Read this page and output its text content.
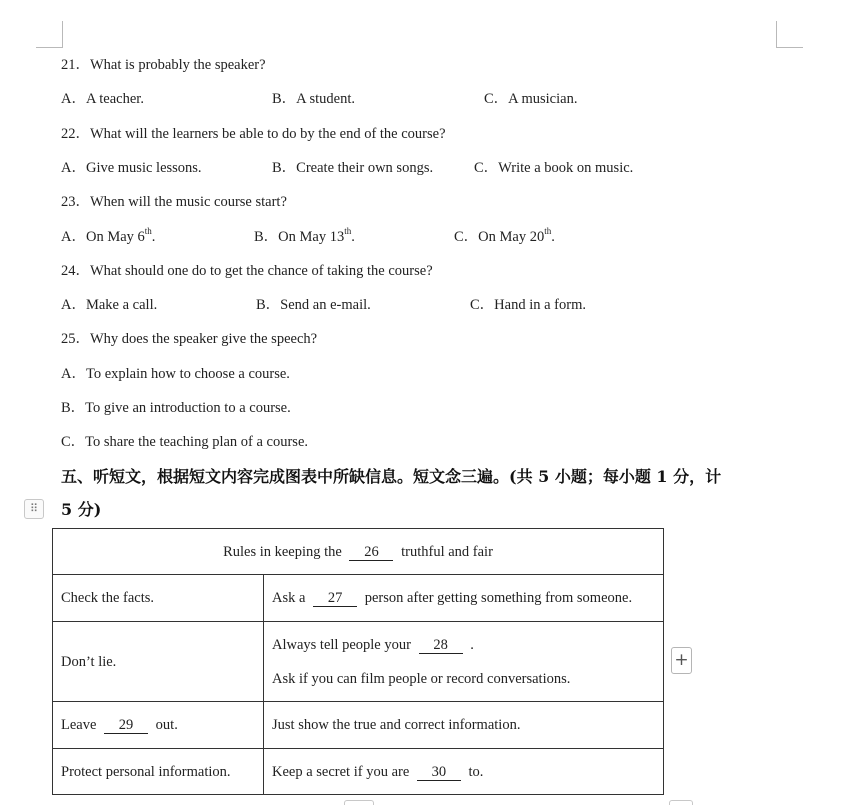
21．What is probably the speaker?
A．A teacher.	B．A student.	C．A musician.
22．What will the learners be able to do by the end of the course?
A．Give music lessons.	B．Create their own songs.	C．Write a book on music.
23．When will the music course start?
A．On May 6th.	B．On May 13th.	C．On May 20th.
24．What should one do to get the chance of taking the course?
A．Make a call.	B．Send an e-mail.	C．Hand in a form.
25．Why does the speaker give the speech?
A．To explain how to choose a course.
B．To give an introduction to a course.
C．To share the teaching plan of a course.
五、听短文，根据短文内容完成图表中所缺信息。短文念三遍。(共 5 小题；每小题 1 分，计
5 分)
⠿
Rules in keeping the 26 truthful and fair	
Check the facts.	Ask a 27 person after getting something from someone.
Don’t lie.	Always tell people your 28 .
Ask if you can film people or record conversations.

Leave 29 out.	Just show the true and correct information.
Protect personal information.	Keep a secret if you are 30 to.
+
